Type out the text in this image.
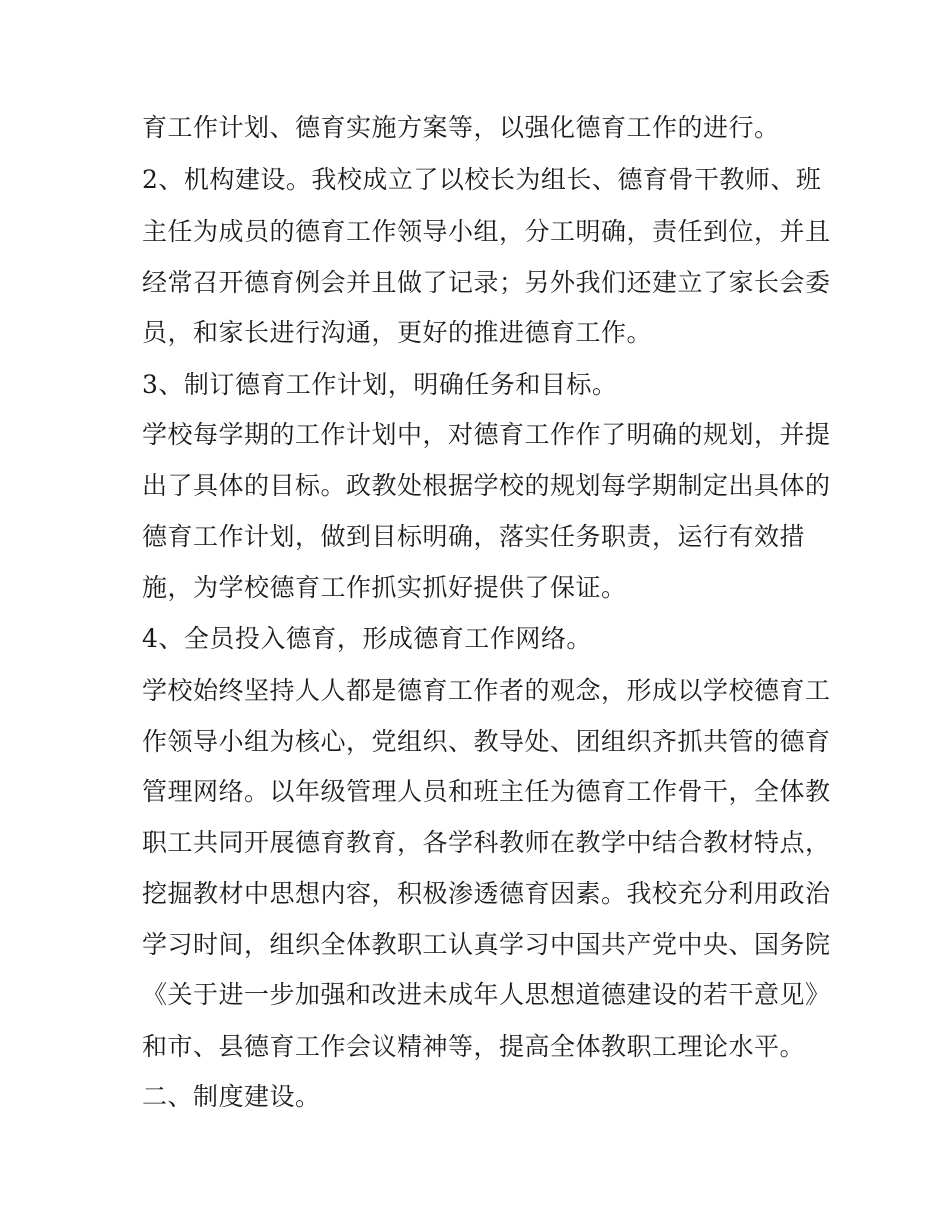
育工作计划、德育实施方案等，以强化德育工作的进行。
2、机构建设。我校成立了以校长为组长、德育骨干教师、班
主任为成员的德育工作领导小组，分工明确，责任到位，并且
经常召开德育例会并且做了记录；另外我们还建立了家长会委
员，和家长进行沟通，更好的推进德育工作。
3、制订德育工作计划，明确任务和目标。
学校每学期的工作计划中，对德育工作作了明确的规划，并提
出了具体的目标。政教处根据学校的规划每学期制定出具体的
德育工作计划，做到目标明确，落实任务职责，运行有效措
施，为学校德育工作抓实抓好提供了保证。
4、全员投入德育，形成德育工作网络。
学校始终坚持人人都是德育工作者的观念，形成以学校德育工
作领导小组为核心，党组织、教导处、团组织齐抓共管的德育
管理网络。以年级管理人员和班主任为德育工作骨干，全体教
职工共同开展德育教育，各学科教师在教学中结合教材特点，
挖掘教材中思想内容，积极渗透德育因素。我校充分利用政治
学习时间，组织全体教职工认真学习中国共产党中央、国务院
《关于进一步加强和改进未成年人思想道德建设的若干意见》
和市、县德育工作会议精神等，提高全体教职工理论水平。
二、制度建设。
